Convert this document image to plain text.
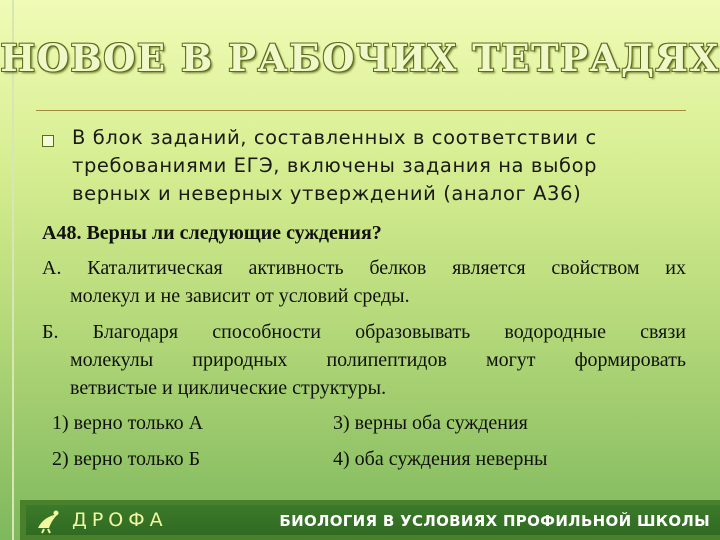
НОВОЕ В РАБОЧИХ ТЕТРАДЯХ
В блок заданий, составленных в соответствии с
требованиями ЕГЭ, включены задания на выбор
верных и неверных утверждений (аналог А36)
А48. Верны ли следующие суждения?
А. Каталитическая активность белков является свойством их
молекул и не зависит от условий среды.
Б. Благодаря способности образовывать водородные связи
молекулы природных полипептидов могут формировать
ветвистые и циклические структуры.
1) верно только А	3) верны оба суждения
2) верно только Б	4) оба суждения неверны
ДРОФА	БИОЛОГИЯ В УСЛОВИЯХ ПРОФИЛЬНОЙ ШКОЛЫ
